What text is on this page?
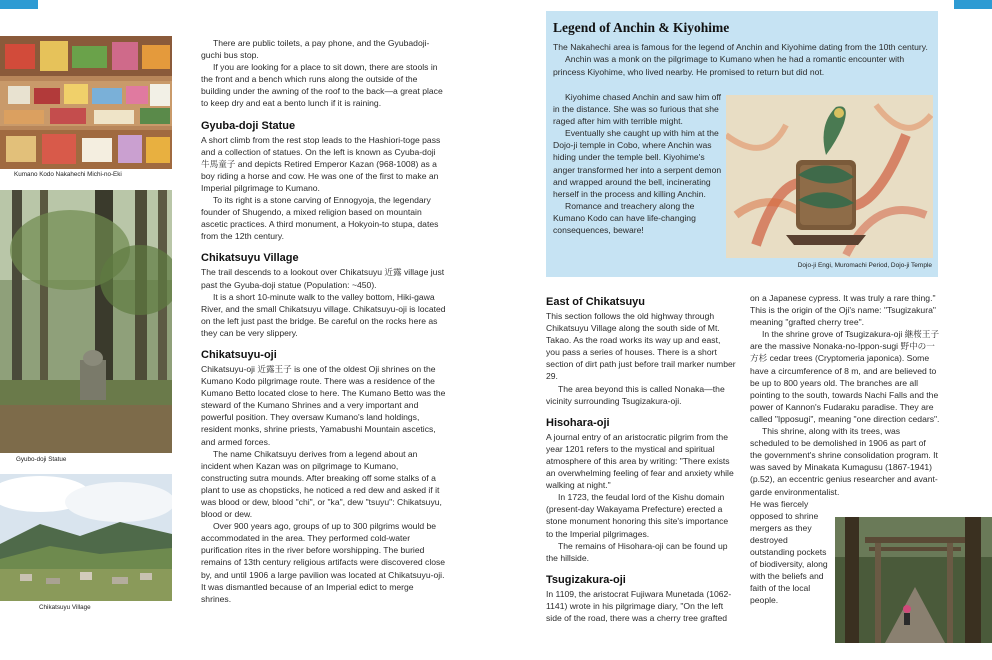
Kumano Kodo Nakahechi Michi-no-Eki
Gyubo-doji Statue
Chikatsuyu Village

There are public toilets, a pay phone, and the Gyubadoji-guchi bus stop.

If you are looking for a place to sit down, there are stools in the front and a bench which runs along the outside of the building under the awning of the roof to the back—a great place to keep dry and eat a bento lunch if it is raining.

Gyuba-doji Statue

A short climb from the rest stop leads to the Hashiori-toge pass and a collection of statues. On the left is known as Cyuba-doji 牛馬童子 and depicts Retired Emperor Kazan (968-1008) as a boy riding a horse and cow. He was one of the first to make an Imperial pilgrimage to Kumano.

To its right is a stone carving of Ennogyoja, the legendary founder of Shugendo, a mixed religion based on mountain ascetic practices. A third monument, a Hokyoin-to stupa, dates from the 12th century.

Chikatsuyu Village

The trail descends to a lookout over Chikatsuyu 近露 village just past the Gyuba-doji statue (Population: ~450).

It is a short 10-minute walk to the valley bottom, Hiki-gawa River, and the small Chikatsuyu village. Chikatsuyu-oji is located on the left just past the bridge. Be careful on the rocks here as they can be very slippery.

Chikatsuyu-oji

Chikatsuyu-oji 近露王子 is one of the oldest Oji shrines on the Kumano Kodo pilgrimage route. There was a residence of the Kumano Betto located close to here. The Kumano Betto was the steward of the Kumano Shrines and a very important and powerful position. They oversaw Kumano's land holdings, resident monks, shrine priests, Yamabushi Mountain ascetics, and armed forces.

The name Chikatsuyu derives from a legend about an incident when Kazan was on pilgrimage to Kumano, constructing sutra mounds. After breaking off some stalks of a plant to use as chopsticks, he noticed a red dew and asked if it was blood or dew, blood "chi", or "ka", dew "tsuyu": Chikatsuyu, blood or dew.

Over 900 years ago, groups of up to 300 pilgrims would be accommodated in the area. They performed cold-water purification rites in the river before worshipping. The buried remains of 13th century religious artifacts were discovered close by, and until 1906 a large pavilion was located at Chikatsuyu-oji. It was dismantled because of an Imperial edict to merge shrines.

Legend of Anchin & Kiyohime

The Nakahechi area is famous for the legend of Anchin and Kiyohime dating from the 10th century.

Anchin was a monk on the pilgrimage to Kumano when he had a romantic encounter with princess Kiyohime, who lived nearby. He promised to return but did not.

Kiyohime chased Anchin and saw him off in the distance. She was so furious that she raged after him with terrible might.

Eventually she caught up with him at the Dojo-ji temple in Cobo, where Anchin was hiding under the temple bell. Kiyohime's anger transformed her into a serpent demon and wrapped around the bell, incinerating herself in the process and killing Anchin.

Romance and treachery along the Kumano Kodo can have life-changing consequences, beware!

Dojo-ji Engi, Muromachi Period, Dojo-ji Temple
East of Chikatsuyu

This section follows the old highway through Chikatsuyu Village along the south side of Mt. Takao. As the road works its way up and east, you pass a series of houses. There is a short section of dirt path just before trail marker number 29.

The area beyond this is called Nonaka—the vicinity surrounding Tsugizakura-oji.

Hisohara-oji

A journal entry of an aristocratic pilgrim from the year 1201 refers to the mystical and spiritual atmosphere of this area by writing: "There exists an overwhelming feeling of fear and anxiety while walking at night."

In 1723, the feudal lord of the Kishu domain (present-day Wakayama Prefecture) erected a stone monument honoring this site's importance to the Imperial pilgrimages.

The remains of Hisohara-oji can be found up the hillside.

Tsugizakura-oji

In 1109, the aristocrat Fujiwara Munetada (1062-1141) wrote in his pilgrimage diary, "On the left side of the road, there was a cherry tree grafted

on a Japanese cypress. It was truly a rare thing." This is the origin of the Oji's name: "Tsugizakura" meaning "grafted cherry tree".

In the shrine grove of Tsugizakura-oji 継桜王子 are the massive Nonaka-no-Ippon-sugi 野中の一方杉 cedar trees (Cryptomeria japonica). Some have a circumference of 8 m, and are believed to be up to 800 years old. The branches are all pointing to the south, towards Nachi Falls and the power of Kannon's Fudaraku paradise. They are called "Ipposugi", meaning "one direction cedars".

This shrine, along with its trees, was scheduled to be demolished in 1906 as part of the government's shrine consolidation program. It was saved by Minakata Kumagusu (1867-1941) (p.52), an eccentric genius researcher and avant-garde environmentalist.

He was fiercely opposed to shrine mergers as they destroyed outstanding pockets of biodiversity, along with the beliefs and faith of the local people.
